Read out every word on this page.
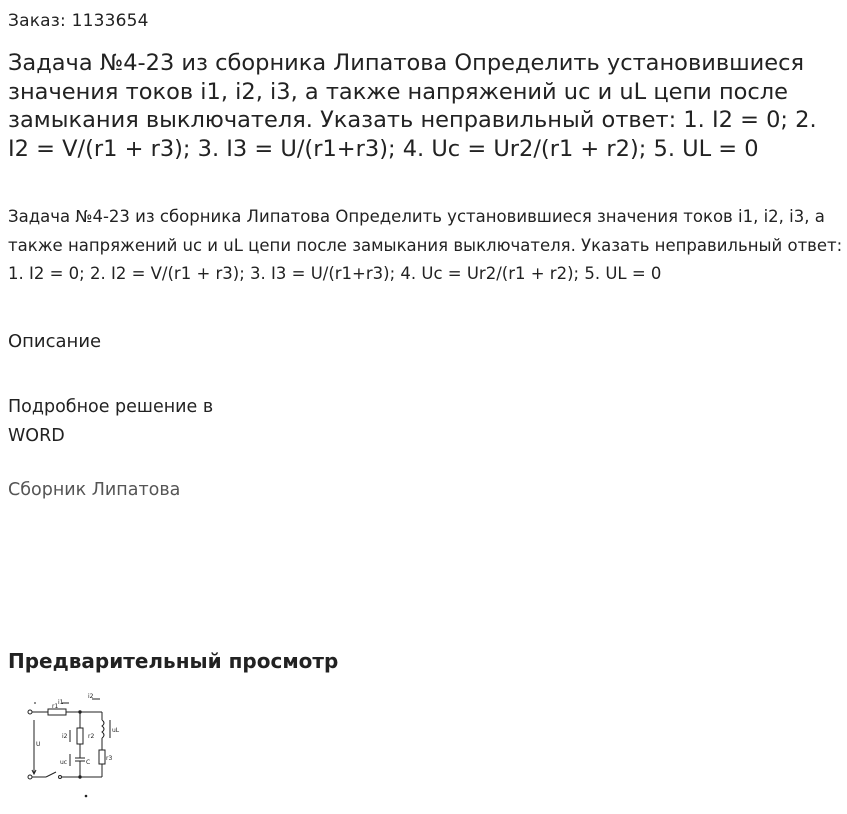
Заказ: 1133654
Задача №4-23 из сборника Липатова Определить установившиеся значения токов i1, i2, i3, а также напряжений uc и uL цепи после замыкания выключателя. Указать неправильный ответ: 1. I2 = 0; 2. I2 = V/(r1 + r3); 3. I3 = U/(r1+r3); 4. Uc = Ur2/(r1 + r2); 5. UL = 0
Задача №4-23 из сборника Липатова Определить установившиеся значения токов i1, i2, i3, а также напряжений uc и uL цепи после замыкания выключателя. Указать неправильный ответ: 1. I2 = 0; 2. I2 = V/(r1 + r3); 3. I3 = U/(r1+r3); 4. Uc = Ur2/(r1 + r2); 5. UL = 0
Описание
Подробное решение в WORD
Сборник Липатова
Предварительный просмотр
i1
i2
r1
U
r2
C
r3
uL
i2
uc
